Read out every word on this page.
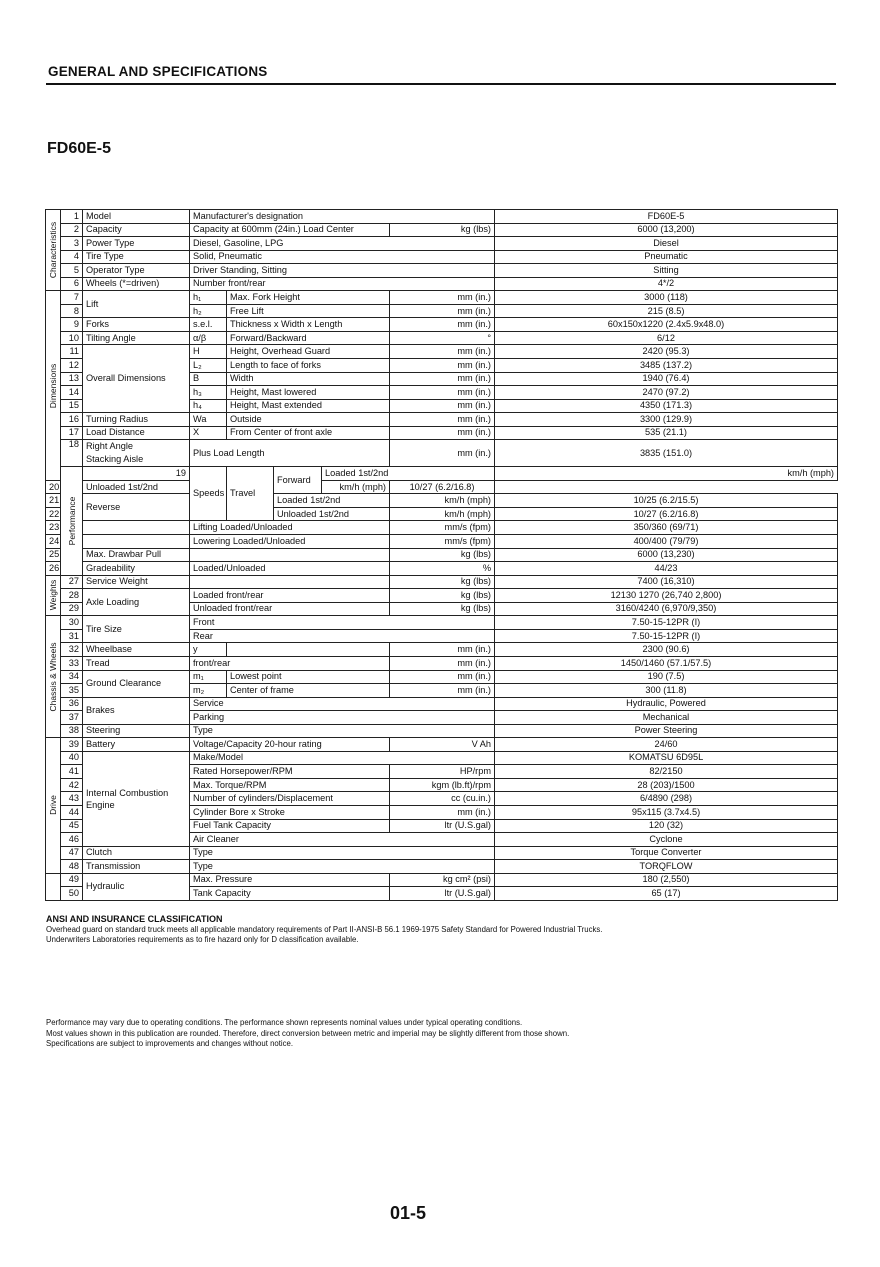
GENERAL AND SPECIFICATIONS
FD60E-5
Characteristics	1	Model	Manufacturer's designation					FD60E-5	
	2	Capacity	Capacity at 600mm (24in.) Load Center				kg (lbs)	6000 (13,200)	
	3	Power Type	Diesel, Gasoline, LPG					Diesel	
	4	Tire Type	Solid, Pneumatic					Pneumatic	
	5	Operator Type	Driver Standing, Sitting					Sitting	
	6	Wheels (*=driven)	Number front/rear					4*/2	

Dimensions	7	Lift	h₁	Max. Fork Height			mm (in.)	3000 (118)	
	8		h₂	Free Lift			mm (in.)	215 (8.5)	
	9	Forks	s.e.l.	Thickness x Width x Length			mm (in.)	60x150x1220 (2.4x5.9x48.0)	
	10	Tilting Angle	α/β	Forward/Backward			°	6/12	
	11	Overall Dimensions	H	Height, Overhead Guard			mm (in.)	2420 (95.3)	
	12		L₂	Length to face of forks			mm (in.)	3485 (137.2)	
	13		B	Width			mm (in.)	1940 (76.4)	
	14		h₃	Height, Mast lowered			mm (in.)	2470 (97.2)	
	15		h₄	Height, Mast extended			mm (in.)	4350 (171.3)	
	16	Turning Radius	Wa	Outside			mm (in.)	3300 (129.9)	
	17	Load Distance	X	From Center of front axle			mm (in.)	535 (21.1)	
	18	Right Angle
Stacking Aisle	Plus Load Length				mm (in.)	3835 (151.0)	

	Performance	19	Speeds	Travel	Forward	Loaded 1st/2nd		km/h (mph)	
20		Unloaded 1st/2nd				km/h (mph)	10/27 (6.2/16.8)		
21		Reverse			Loaded 1st/2nd		km/h (mph)	10/25 (6.2/15.5)	
22					Unloaded 1st/2nd		km/h (mph)	10/27 (6.2/16.8)	
23			Lifting Loaded/Unloaded				mm/s (fpm)	350/360 (69/71)	
24			Lowering Loaded/Unloaded				mm/s (fpm)	400/400 (79/79)	
25		Max. Drawbar Pull					kg (lbs)	6000 (13,230)	
26		Gradeability	Loaded/Unloaded				%	44/23	

Weights	27	Service Weight					kg (lbs)	7400 (16,310)	
	28	Axle Loading	Loaded front/rear				kg (lbs)	12130 1270 (26,740 2,800)	
	29		Unloaded front/rear				kg (lbs)	3160/4240 (6,970/9,350)	

Chassis & Wheels	30	Tire Size	Front					7.50-15-12PR (I)	
	31		Rear					7.50-15-12PR (I)	
	32	Wheelbase	y				mm (in.)	2300 (90.6)	
	33	Tread	front/rear				mm (in.)	1450/1460 (57.1/57.5)	
	34	Ground Clearance	m₁	Lowest point			mm (in.)	190 (7.5)	
	35		m₂	Center of frame			mm (in.)	300 (11.8)	
	36	Brakes	Service					Hydraulic, Powered	
	37		Parking					Mechanical	
	38	Steering	Type					Power Steering	

Drive	39	Battery	Voltage/Capacity 20-hour rating				V Ah	24/60	
	40	Internal Combustion
Engine	Make/Model					KOMATSU 6D95L	
	41		Rated Horsepower/RPM				HP/rpm	82/2150	
	42		Max. Torque/RPM				kgm (lb.ft)/rpm	28 (203)/1500	
	43		Number of cylinders/Displacement				cc (cu.in.)	6/4890 (298)	
	44		Cylinder Bore x Stroke				mm (in.)	95x115 (3.7x4.5)	
	45		Fuel Tank Capacity				ltr (U.S.gal)	120 (32)	
	46		Air Cleaner					Cyclone	
	47	Clutch	Type					Torque Converter	
	48	Transmission	Type					TORQFLOW	
	49	Hydraulic	Max. Pressure				kg cm² (psi)	180 (2,550)	
	50		Tank Capacity				ltr (U.S.gal)	65 (17)	
ANSI AND INSURANCE CLASSIFICATION
Overhead guard on standard truck meets all applicable mandatory requirements of Part II-ANSI-B 56.1 1969-1975 Safety Standard for Powered Industrial Trucks.
Underwriters Laboratories requirements as to fire hazard only for D classification available.
Performance may vary due to operating conditions. The performance shown represents nominal values under typical operating conditions.
Most values shown in this publication are rounded. Therefore, direct conversion between metric and imperial may be slightly different from those shown.
Specifications are subject to improvements and changes without notice.
01-5
